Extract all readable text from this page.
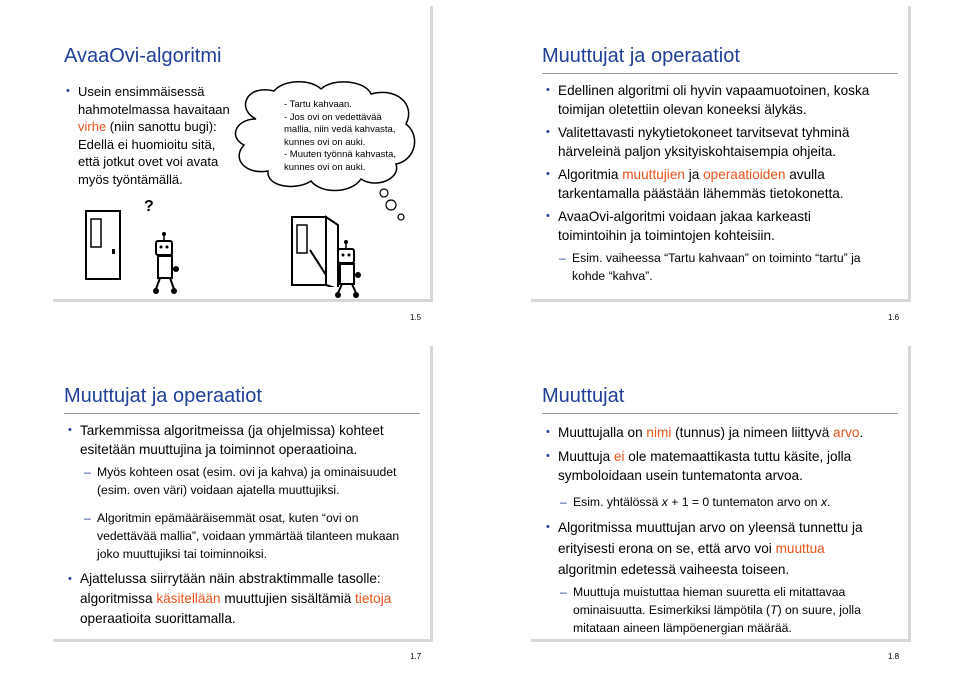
AvaaOvi-algoritmi
• Usein ensimmäisessä
hahmotelmassa havaitaan
virhe (niin sanottu bugi):
Edellä ei huomioitu sitä,
että jotkut ovet voi avata
myös työntämällä.
- Tartu kahvaan.
- Jos ovi on vedettävää
mallia, niin vedä kahvasta,
kunnes ovi on auki.
- Muuten työnnä kahvasta,
kunnes ovi on auki.
?
1.5
Muuttujat ja operaatiot
• Edellinen algoritmi oli hyvin vapaamuotoinen, koska
toimijan oletettiin olevan koneeksi älykäs.
• Valitettavasti nykytietokoneet tarvitsevat tyhminä
härveleinä paljon yksityiskohtaisempia ohjeita.
• Algoritmia muuttujien ja operaatioiden avulla
tarkentamalla päästään lähemmäs tietokonetta.
• AvaaOvi-algoritmi voidaan jakaa karkeasti
toimintoihin ja toimintojen kohteisiin.
– Esim. vaiheessa “Tartu kahvaan” on toiminto “tartu” ja
kohde “kahva”.
1.6
Muuttujat ja operaatiot
• Tarkemmissa algoritmeissa (ja ohjelmissa) kohteet
esitetään muuttujina ja toiminnot operaatioina.
– Myös kohteen osat (esim. ovi ja kahva) ja ominaisuudet
(esim. oven väri) voidaan ajatella muuttujiksi.
– Algoritmin epämääräisemmät osat, kuten “ovi on
vedettävää mallia”, voidaan ymmärtää tilanteen mukaan
joko muuttujiksi tai toiminnoiksi.
• Ajattelussa siirrytään näin abstraktimmalle tasolle:
algoritmissa käsitellään muuttujien sisältämiä tietoja
operaatioita suorittamalla.
1.7
Muuttujat
• Muuttujalla on nimi (tunnus) ja nimeen liittyvä arvo.
• Muuttuja ei ole matemaattikasta tuttu käsite, jolla
symboloidaan usein tuntematonta arvoa.
– Esim. yhtälössä x + 1 = 0 tuntematon arvo on x.
• Algoritmissa muuttujan arvo on yleensä tunnettu ja
erityisesti erona on se, että arvo voi muuttua
algoritmin edetessä vaiheesta toiseen.
– Muuttuja muistuttaa hieman suuretta eli mitattavaa
ominaisuutta. Esimerkiksi lämpötila (T) on suure, jolla
mitataan aineen lämpöenergian määrää.
1.8
